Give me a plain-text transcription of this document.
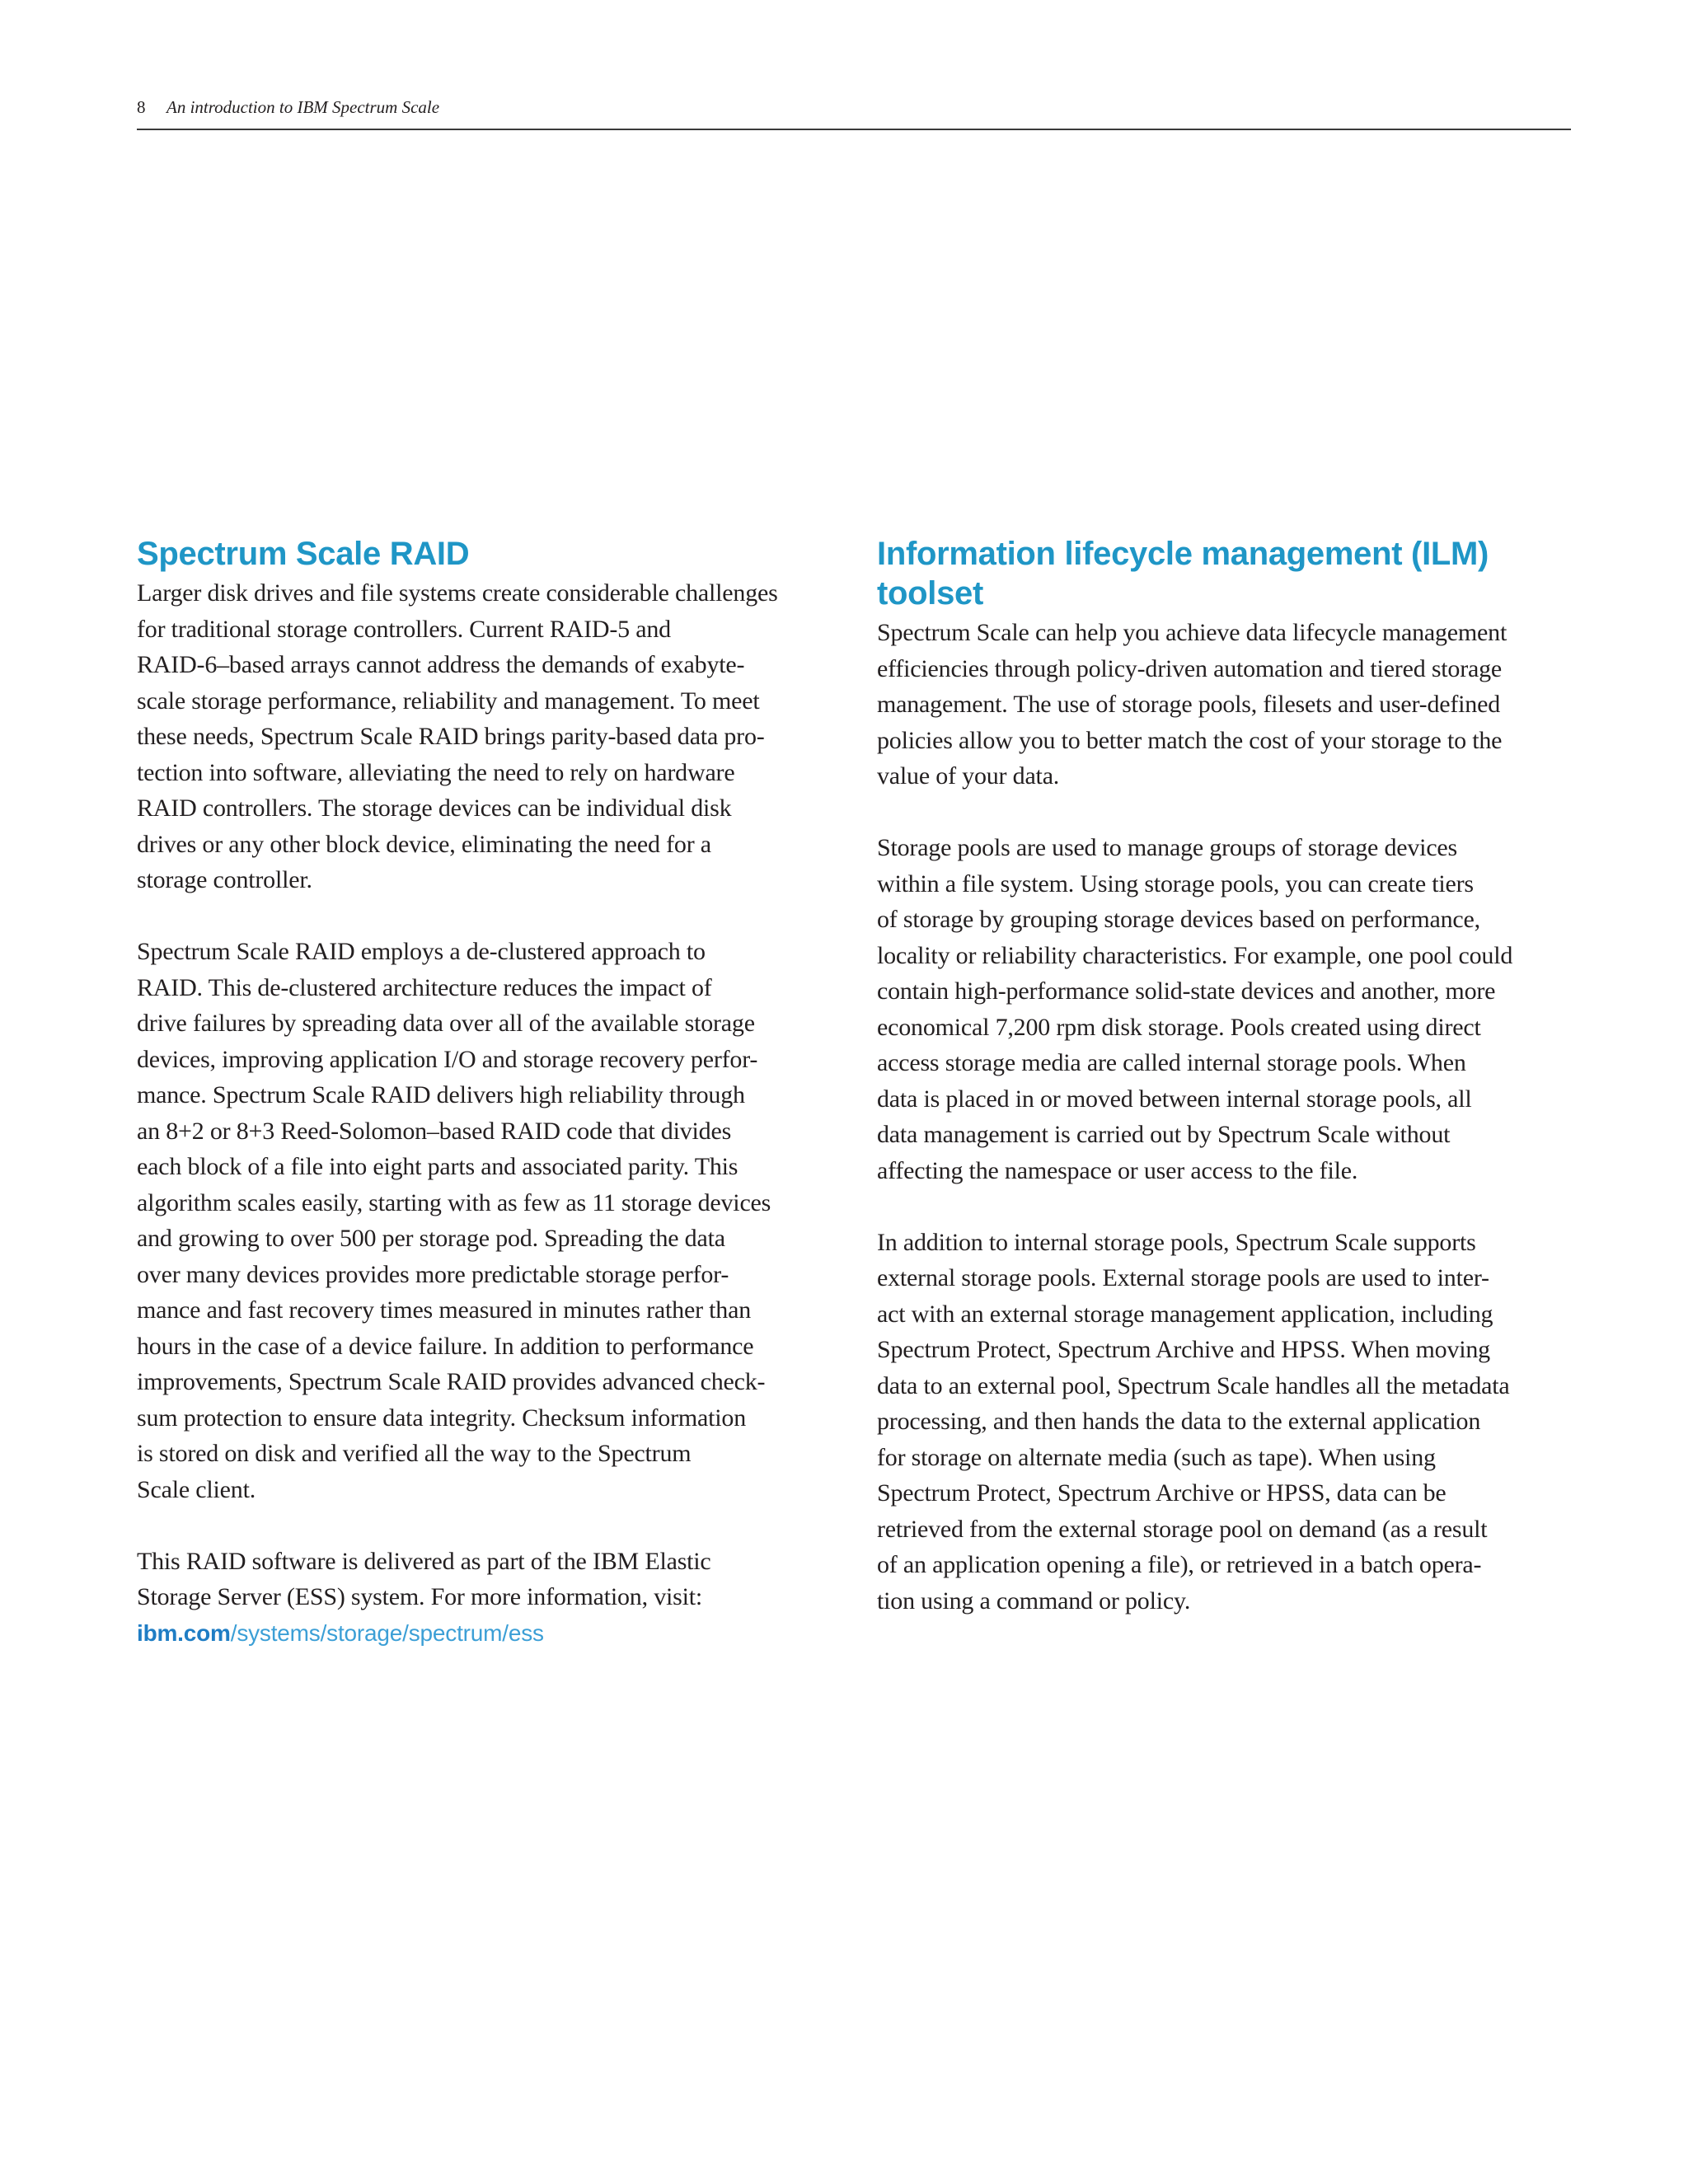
8 An introduction to IBM Spectrum Scale
Spectrum Scale RAID
Larger disk drives and file systems create considerable challenges
for traditional storage controllers. Current RAID-5 and
RAID-6–based arrays cannot address the demands of exabyte-
scale storage performance, reliability and management. To meet
these needs, Spectrum Scale RAID brings parity-based data pro-
tection into software, alleviating the need to rely on hardware
RAID controllers. The storage devices can be individual disk
drives or any other block device, eliminating the need for a
storage controller.
Spectrum Scale RAID employs a de-clustered approach to
RAID. This de-clustered architecture reduces the impact of
drive failures by spreading data over all of the available storage
devices, improving application I/O and storage recovery perfor-
mance. Spectrum Scale RAID delivers high reliability through
an 8+2 or 8+3 Reed-Solomon–based RAID code that divides
each block of a file into eight parts and associated parity. This
algorithm scales easily, starting with as few as 11 storage devices
and growing to over 500 per storage pod. Spreading the data
over many devices provides more predictable storage perfor-
mance and fast recovery times measured in minutes rather than
hours in the case of a device failure. In addition to performance
improvements, Spectrum Scale RAID provides advanced check-
sum protection to ensure data integrity. Checksum information
is stored on disk and verified all the way to the Spectrum
Scale client.
This RAID software is delivered as part of the IBM Elastic
Storage Server (ESS) system. For more information, visit:
ibm.com/systems/storage/spectrum/ess
Information lifecycle management (ILM)
toolset
Spectrum Scale can help you achieve data lifecycle management
efficiencies through policy-driven automation and tiered storage
management. The use of storage pools, filesets and user-defined
policies allow you to better match the cost of your storage to the
value of your data.
Storage pools are used to manage groups of storage devices
within a file system. Using storage pools, you can create tiers
of storage by grouping storage devices based on performance,
locality or reliability characteristics. For example, one pool could
contain high-performance solid-state devices and another, more
economical 7,200 rpm disk storage. Pools created using direct
access storage media are called internal storage pools. When
data is placed in or moved between internal storage pools, all
data management is carried out by Spectrum Scale without
affecting the namespace or user access to the file.
In addition to internal storage pools, Spectrum Scale supports
external storage pools. External storage pools are used to inter-
act with an external storage management application, including
Spectrum Protect, Spectrum Archive and HPSS. When moving
data to an external pool, Spectrum Scale handles all the metadata
processing, and then hands the data to the external application
for storage on alternate media (such as tape). When using
Spectrum Protect, Spectrum Archive or HPSS, data can be
retrieved from the external storage pool on demand (as a result
of an application opening a file), or retrieved in a batch opera-
tion using a command or policy.
